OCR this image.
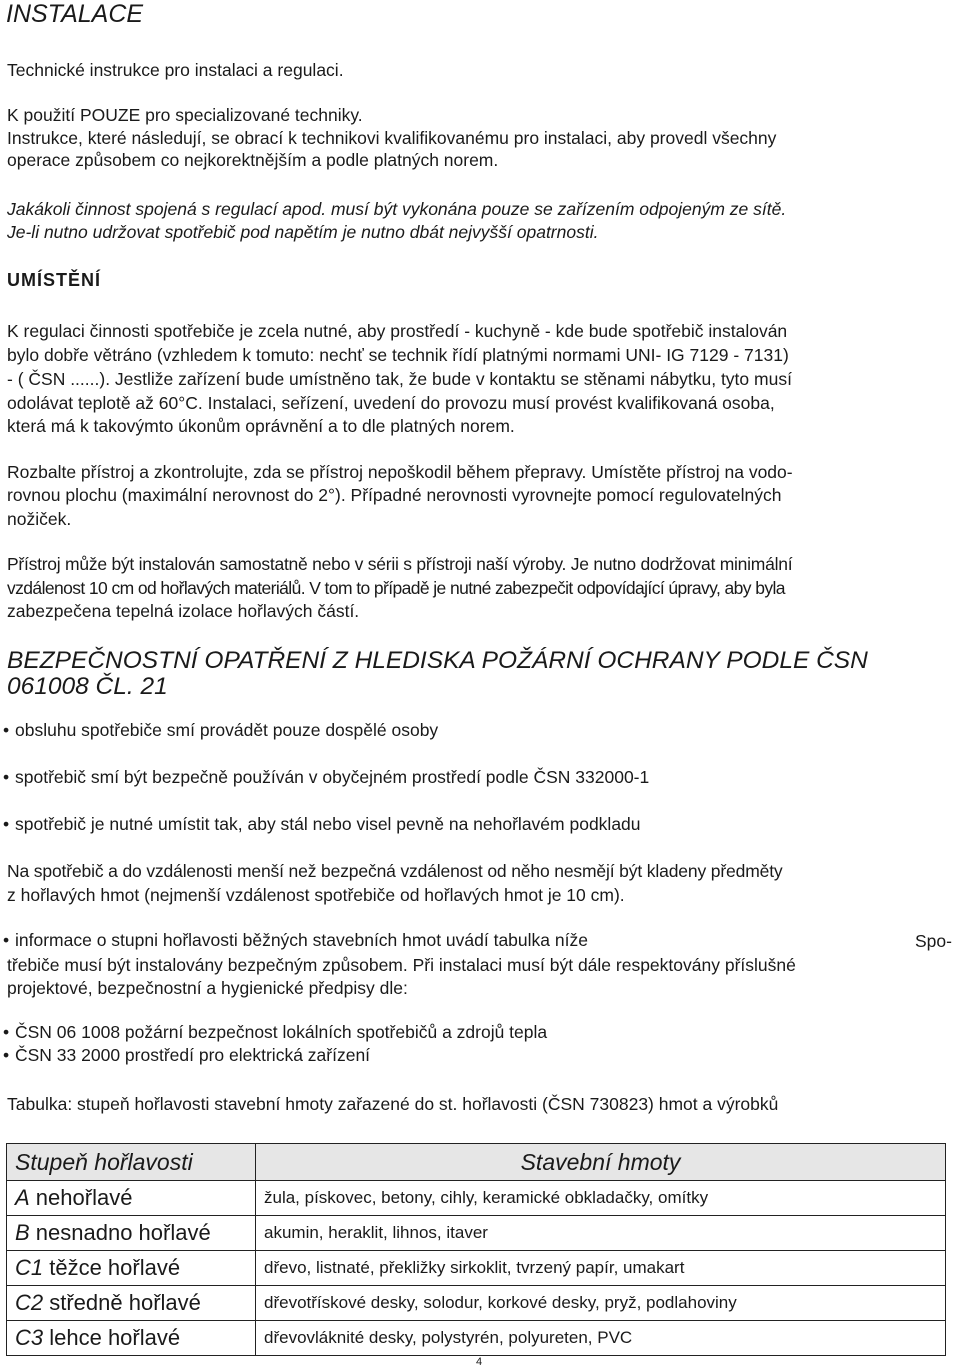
INSTALACE
Technické instrukce pro instalaci a regulaci.
K použití POUZE pro specializované techniky.
Instrukce, které následují, se obrací k technikovi kvalifikovanému pro instalaci, aby provedl všechny
operace způsobem co nejkorektnějším a podle platných norem.
Jakákoli činnost spojená s regulací apod. musí být vykonána pouze se zařízením odpojeným ze sítě.
Je-li nutno udržovat spotřebič pod napětím je nutno dbát nejvyšší opatrnosti.
UMÍSTĚNÍ
K regulaci činnosti spotřebiče je zcela nutné, aby prostředí - kuchyně - kde bude spotřebič instalován
bylo dobře větráno (vzhledem k tomuto: nechť se technik řídí platnými normami UNI- IG 7129 - 7131)
- ( ČSN ......). Jestliže zařízení bude umístněno tak, že bude v kontaktu se stěnami nábytku, tyto musí
odolávat teplotě až 60°C. Instalaci, seřízení, uvedení do provozu musí provést kvalifikovaná osoba,
která má k takovýmto úkonům oprávnění a to dle platných norem.
Rozbalte přístroj a zkontrolujte, zda se přístroj nepoškodil během přepravy. Umístěte přístroj na vodo-
rovnou plochu (maximální nerovnost do 2°). Případné nerovnosti vyrovnejte pomocí regulovatelných
nožiček.
Přístroj může být instalován samostatně nebo v sérii s přístroji naší výroby. Je nutno dodržovat minimální
vzdálenost 10 cm od hořlavých materiálů. V tom to případě je nutné zabezpečit odpovídající úpravy, aby byla
zabezpečena tepelná izolace hořlavých částí.
BEZPEČNOSTNÍ OPATŘENÍ Z HLEDISKA POŽÁRNÍ OCHRANY PODLE ČSN
061008 ČL. 21
• obsluhu spotřebiče smí provádět pouze dospělé osoby
• spotřebič smí být bezpečně používán v obyčejném prostředí podle ČSN 332000-1
• spotřebič je nutné umístit tak, aby stál nebo visel pevně na nehořlavém podkladu
Na spotřebič a do vzdálenosti menší než bezpečná vzdálenost od něho nesmějí být kladeny předměty
z hořlavých hmot (nejmenší vzdálenost spotřebiče od hořlavých hmot je 10 cm).
• informace o stupni hořlavosti běžných stavebních hmot uvádí tabulka níže	Spo-
třebiče musí být instalovány bezpečným způsobem. Při instalaci musí být dále respektovány příslušné
projektové, bezpečnostní a hygienické předpisy dle:
• ČSN 06 1008 požární bezpečnost lokálních spotřebičů a zdrojů tepla
• ČSN 33 2000 prostředí pro elektrická zařízení
Tabulka: stupeň hořlavosti stavební hmoty zařazené do st. hořlavosti (ČSN 730823) hmot a výrobků
Stupeň hořlavosti	Stavební hmoty
A nehořlavé	žula, pískovec, betony, cihly, keramické obkladačky, omítky
B nesnadno hořlavé	akumin, heraklit, lihnos, itaver
C1 těžce hořlavé	dřevo, listnaté, překližky sirkoklit, tvrzený papír, umakart
C2 středně hořlavé	dřevotřískové desky, solodur, korkové desky, pryž, podlahoviny
C3 lehce hořlavé	dřevovláknité desky, polystyrén, polyureten, PVC
4
